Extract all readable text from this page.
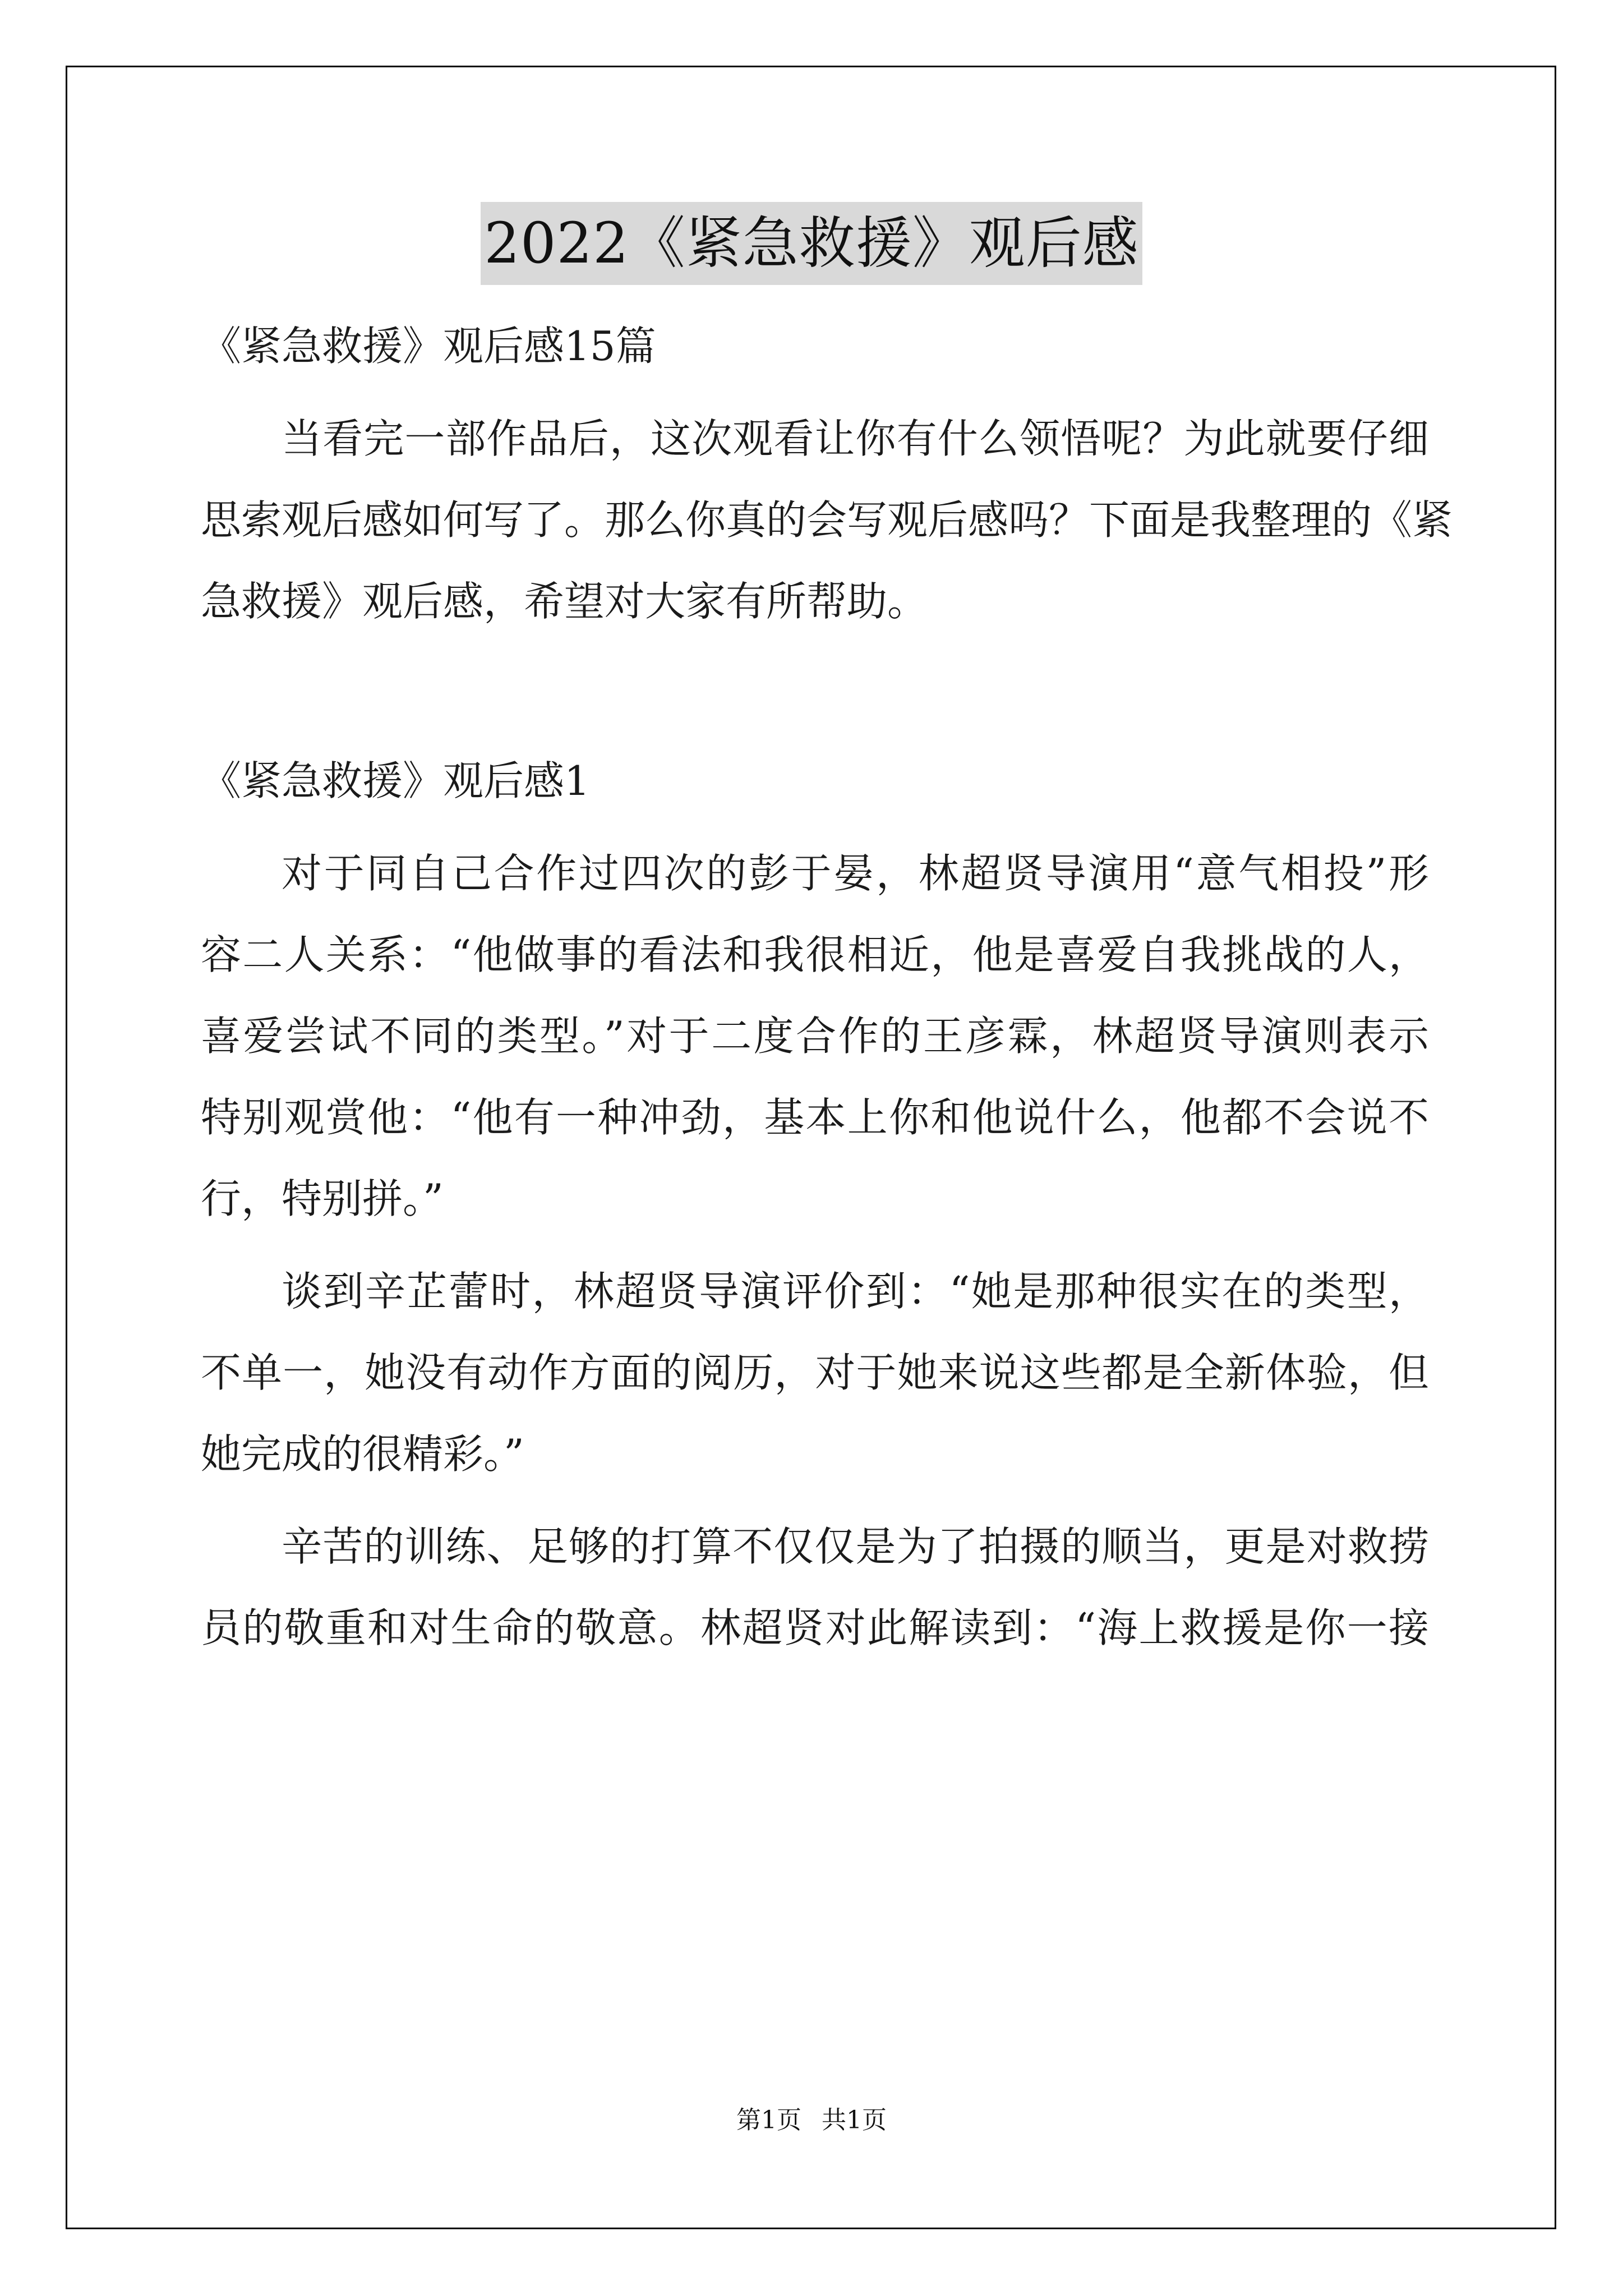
2022《紧急救援》观后感
《紧急救援》观后感15篇
当看完一部作品后，这次观看让你有什么领悟呢？为此就要仔细
思索观后感如何写了。那么你真的会写观后感吗？下面是我整理的《紧
急救援》观后感，希望对大家有所帮助。
《紧急救援》观后感1
对于同自己合作过四次的彭于晏，林超贤导演用“意气相投”形
容二人关系：“他做事的看法和我很相近，他是喜爱自我挑战的人，
喜爱尝试不同的类型。”对于二度合作的王彦霖，林超贤导演则表示
特别观赏他：“他有一种冲劲，基本上你和他说什么，他都不会说不
行，特别拼。”
谈到辛芷蕾时，林超贤导演评价到：“她是那种很实在的类型，
不单一，她没有动作方面的阅历，对于她来说这些都是全新体验，但
她完成的很精彩。”
辛苦的训练、足够的打算不仅仅是为了拍摄的顺当，更是对救捞
员的敬重和对生命的敬意。林超贤对此解读到：“海上救援是你一接
第1页 共1页
